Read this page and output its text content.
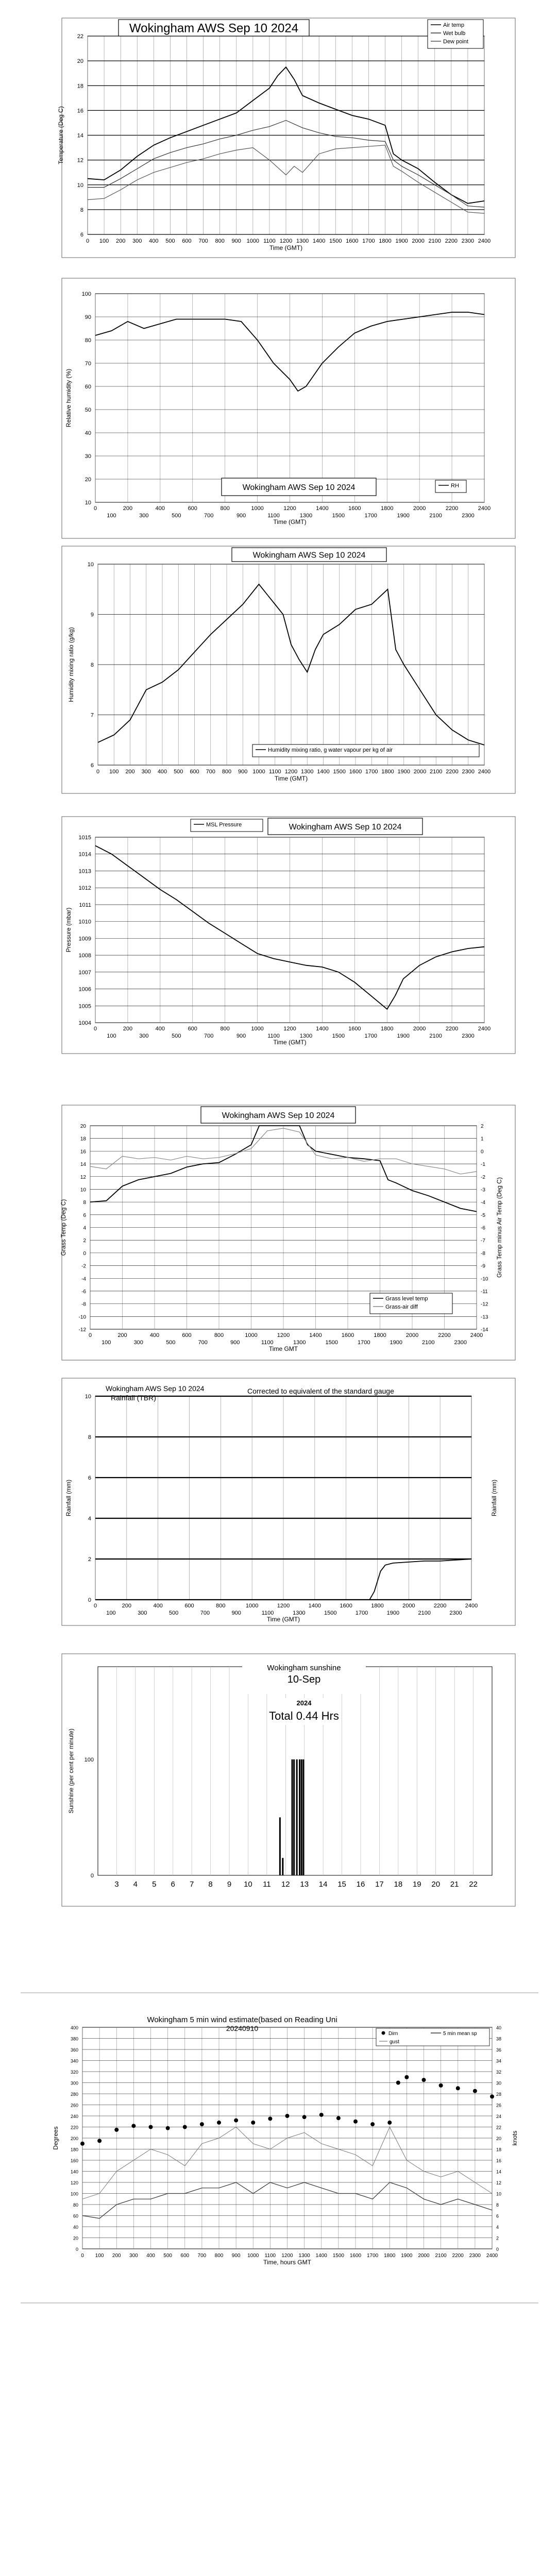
0 100 200 300 400 500 600 700 800 900 1000 1100 1200 1300 1400 1500 1600 1700 1800 1900 2000 2100 2200 2300 2400
6
8
10
12
14
16
18
20
22
Temperature (Deg C)
Time (GMT)
Wokingham AWS Sep 10 2024	Air temp
Wet bulb
Dew point
0	200	400	600	800	1000	1200	1400	1600	1800	2000	2200	2400
100	300	500	700	900	1100	1300	1500	1700	1900	2100	2300
10
20
30
40
50
60
70
80
90
100
Relative humidity (%)
Time (GMT)
Wokingham AWS Sep 10 2024	RH
0 100 200 300 400 500 600 700 800 900 1000 1100 1200 1300 1400 1500 1600 1700 1800 1900 2000 2100 2200 2300 2400
6
7
8
9
10
Humidity mixing ratio (g/kg)
Time (GMT)
Wokingham AWS Sep 10 2024
Humidity mixing ratio, g water vapour per kg of air
0	200	400	600	800	1000	1200	1400	1600	1800	2000	2200	2400
100	300	500	700	900	1100	1300	1500	1700	1900	2100	2300
1004
1005
1006
1007
1008
1009
1010
1011
1012
1013
1014
1015
Pressure (mbar)
Time (GMT)
Wokingham AWS Sep 10 2024
MSL Pressure
0	200	400	600	800	1000	1200	1400	1600	1800	2000	2200	2400
100	300	500	700	900	1100	1300	1500	1700	1900	2100	2300
20
18
16
14
12
10
8
6
4
2
0
-2
-4
-6
-8
-10
-12
2
1
0
-1
-2
-3
-4
-5
-6
-7
-8
-9
-10
-11
-12
-13
-14
Grass Temp (Deg C)	Grass Temp minus Air Temp (Deg C)
Time GMT
Wokingham AWS Sep 10 2024
Grass level temp
Grass-air diff
0	200	400	600	800	1000	1200	1400	1600	1800	2000	2200	2400
100	300	500	700	900	1100	1300	1500	1700	1900	2100	2300
0
2
4
6
8
10
Rainfall (mm)	Rainfall (mm)
Time (GMT)
Wokingham AWS Sep 10 2024
Rainfall (TBR)
Corrected to equivalent of the standard gauge
3 4 5 6 7 8 9 10 11 12 13 14 15 16 17 18 19 20 21 22
0
100
Sunshine (per cent per minute)
Wokingham sunshine
10-Sep
2024
Total 0.44 Hrs
0 100 200 300 400 500 600 700 800 900 1000 1100 1200 1300 1400 1500 1600 1700 1800 1900 2000 2100 2200 2300 2400
0
20
40
60
80
100
120
140
160
180
200
220
240
260
280
300
320
340
360
380
400
0
2
4
6
8
10
12
14
16
18
20
22
24
26
28
30
32
34
36
38
40
Degrees	knots
Time, hours GMT
Wokingham 5 min wind estimate(based on Reading Uni
20240910
Dirn	5 min mean sp
gust
